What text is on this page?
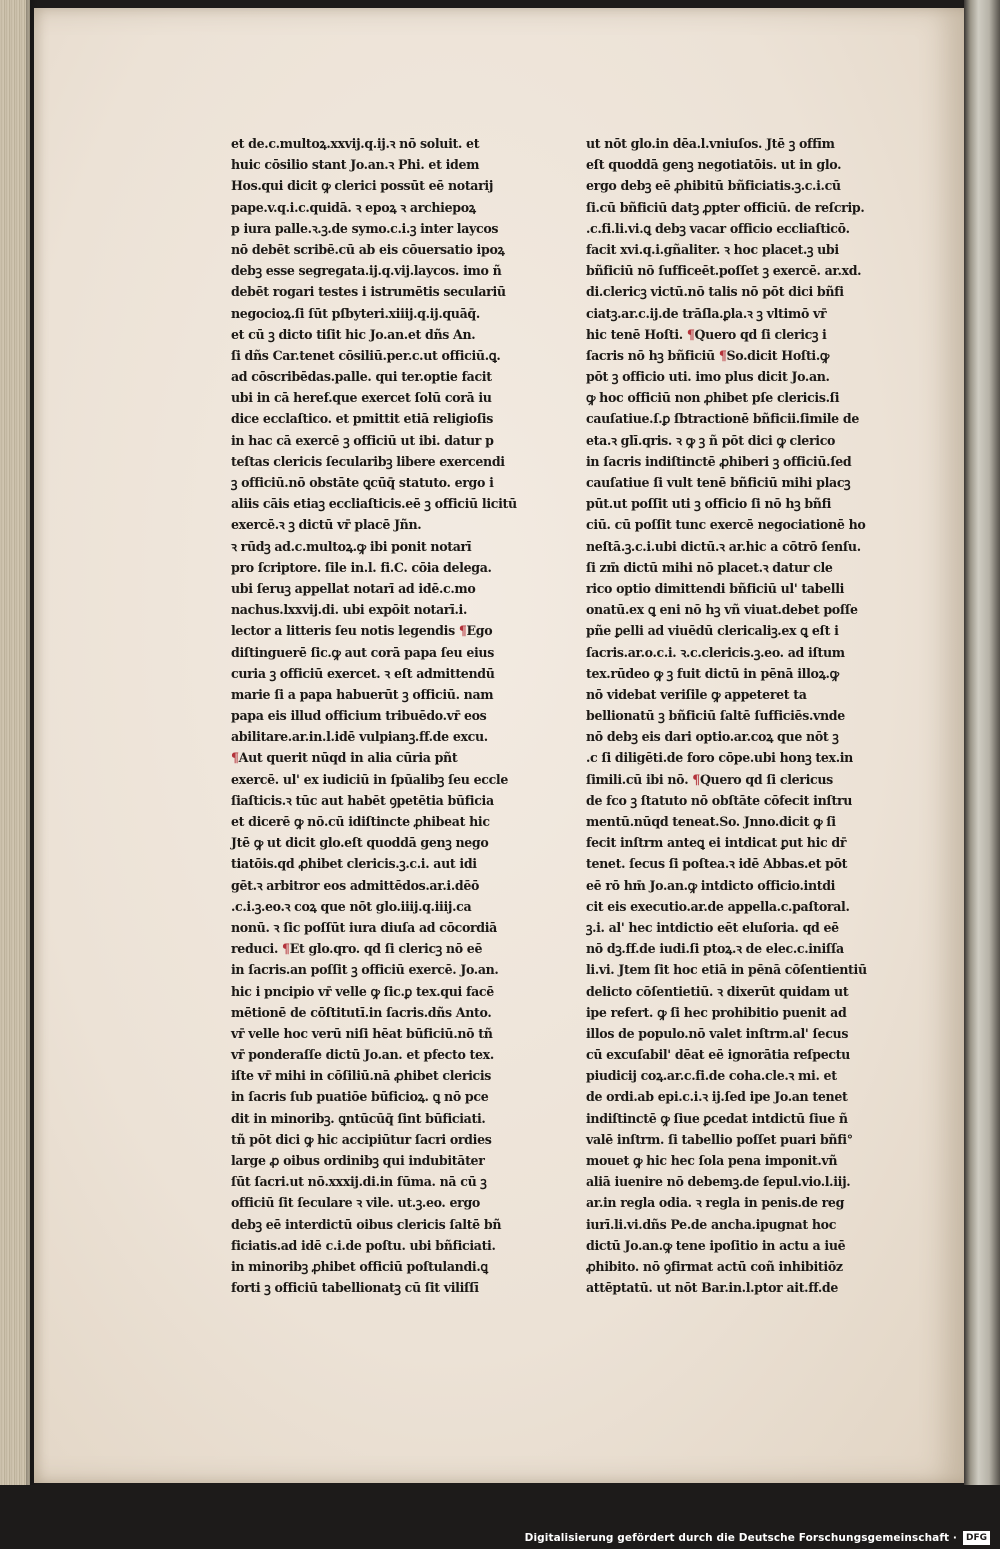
et de.c.multoꝝ.xxvij.q.ij.ꝛ nō soluit. et
huic cōsilio stant Jo.an.ꝛ Phi. et idem
Hos.qui dicit ꝙ clerici possūt eē notarij
pape.v.q.i.c.quidā. ꝛ epoꝝ ꝛ archiepoꝝ
p iura palle.ꝛ.ꝫ.de symo.c.i.ꝫ inter laycos
nō debēt scribē.cū ab eis cōuersatio ipoꝝ
debꝫ esse segregata.ij.q.vij.laycos. imo ñ
debēt rogari testes i istrumētis seculariū
negocioꝝ.ſi ſūt pſbyteri.xiiij.q.ij.quāq̄.
et cū ꝫ dicto tiſit hic Jo.an.et dñs An.
ſi dñs Car.tenet cōsiliū.per.c.ut officiū.ꝗ.
ad cōscribēdas.palle. qui ter.optie facit
ubi in cā heref.que exercet ſolū corā iu
dice ecclaſtico. et pmittit etiā religioſis
in hac cā exercē ꝫ officiū ut ibi. datur p
teſtas clericis ſecularibꝫ libere exercendi
ꝫ officiū.nō obstāte ꝗcūq̄ statuto. ergo i
aliis cāis etiaꝫ eccliaſticis.eē ꝫ officiū licitū
exercē.ꝛ ꝫ dictū vr̄ placē Jñn.
ꝛ rūdꝫ ad.c.multoꝝ.ꝙ ibi ponit notarī
pro ſcriptore. ſile in.l. fi.C. cōia delega.
ubi ſeruꝫ appellat notarī ad idē.c.mo
nachus.lxxvij.di. ubi expōit notarī.i.
lector a litteris ſeu notis legendis ¶Ego
diſtinguerē ſic.ꝙ aut corā papa ſeu eius
curia ꝫ officiū exercet. ꝛ eſt admittendū
marie ſi a papa habuerūt ꝫ officiū. nam
papa eis illud officium tribuēdo.vr̄ eos
abilitare.ar.in.l.idē vulpianꝫ.ff.de excu.
¶Aut querit nūqd in alia cūria pñt
exercē. ul' ex iudiciū in ſpūalibꝫ ſeu eccle
ſiaſticis.ꝛ tūc aut habēt ꝯpetētia būficia
et dicerē ꝙ nō.cū idiſtincte ꝓhibeat hic
Jtē ꝙ ut dicit glo.eſt quoddā genꝫ nego
tiatōis.qd ꝓhibet clericis.ꝫ.c.i. aut idi
gēt.ꝛ arbitror eos admittēdos.ar.i.dēō
.c.i.ꝫ.eo.ꝛ coꝝ que nōt glo.iiij.q.iiij.ca
nonū. ꝛ ſic poſſūt iura diuſa ad cōcordiā
reduci. ¶Et glo.qro. qd ſi clericꝫ nō eē
in ſacris.an poſſit ꝫ officiū exercē. Jo.an.
hic i pncipio vr̄ velle ꝙ ſic.ꝑ tex.qui facē
mētionē de cōſtitutī.in ſacris.dñs Anto.
vr̄ velle hoc verū niſi hēat būficiū.nō tñ
vr̄ ponderaſſe dictū Jo.an. et pfecto tex.
iſte vr̄ mihi in cōſiliū.nā ꝓhibet clericis
in ſacris ſub puatiōe būficioꝝ. ꝗ nō pce
dit in minoribꝫ. ꝗntūcūq̄ ſint būficiati.
tñ pōt dici ꝙ hic accipiūtur ſacri ordies
large ꝓ oibus ordinibꝫ qui indubitāter
ſūt ſacri.ut nō.xxxij.di.in ſūma. nā cū ꝫ
officiū ſit ſeculare ꝛ vile. ut.ꝫ.eo. ergo
debꝫ eē interdictū oibus clericis ſaltē bñ
ficiatis.ad idē c.i.de poſtu. ubi bñficiati.
in minoribꝫ ꝓhibet officiū poſtulandi.ꝗ
forti ꝫ officiū tabellionatꝫ cū ſit viliſſī
ut nōt glo.in dēa.l.vniuſos. Jtē ꝫ offīm
eſt quoddā genꝫ negotiatōis. ut in glo.
ergo debꝫ eē ꝓhibitū bñficiatis.ꝫ.c.i.cū
ſi.cū bñficiū datꝫ ꝓpter officiū. de reſcrip.
.c.fi.li.vi.ꝗ debꝫ vacar officio eccliaſticō.
facit xvi.q.i.gñaliter. ꝛ hoc placet.ꝫ ubi
bñficiū nō ſufficeēt.poſſet ꝫ exercē. ar.xd.
di.clericꝫ victū.nō talis nō pōt dici bñfi
ciatꝫ.ar.c.ij.de trāſla.ꝑla.ꝛ ꝫ vltimō vr̄
hic tenē Hoſti. ¶Quero qd ſi clericꝫ i
ſacris nō hꝫ bñficiū ¶So.dicit Hoſti.ꝙ
pōt ꝫ officio uti. imo plus dicit Jo.an.
ꝙ hoc officiū non ꝓhibet pſe clericis.ſi
cauſatiue.ſ.ꝑ ſbtractionē bñficii.ſimile de
eta.ꝛ glī.qris. ꝛ ꝙ ꝫ ñ pōt dici ꝙ clerico
in ſacris indiſtinctē ꝓhiberi ꝫ officiū.ſed
cauſatiue ſi vult tenē bñficiū mihi placꝫ
pūt.ut poſſit uti ꝫ officio ſi nō hꝫ bñfi
ciū. cū poſſit tunc exercē negociationē ho
neſtā.ꝫ.c.i.ubi dictū.ꝛ ar.hic a cōtrō ſenſu.
ſi zm̄ dictū mihi nō placet.ꝛ datur cle
rico optio dimittendi bñficiū ul' tabelli
onatū.ex ꝗ eni nō hꝫ vñ viuat.debet poſſe
pñe ꝑelli ad viuēdū clericaliꝫ.ex ꝗ eſt i
ſacris.ar.o.c.i. ꝛ.c.clericis.ꝫ.eo. ad iſtum
tex.rūdeo ꝙ ꝫ fuit dictū in pēnā illoꝝ.ꝙ
nō videbat veriſile ꝙ appeteret ta
bellionatū ꝫ bñficiū ſaltē ſufficiēs.vnde
nō debꝫ eis dari optio.ar.coꝝ que nōt ꝫ
.c ſi diligēti.de foro cōpe.ubi honꝫ tex.in
ſimili.cū ibi nō. ¶Quero qd ſi clericus
de fco ꝫ ſtatuto nō obſtāte cōfecit inſtru
mentū.nūqd teneat.So. Jnno.dicit ꝙ ſi
fecit inſtrm anteꝗ ei intdicat ꝑut hic dr̄
tenet. ſecus ſi poſtea.ꝛ idē Abbas.et pōt
eē rō hm̄ Jo.an.ꝙ intdicto officio.intdi
cit eis executio.ar.de appella.c.paſtoral.
ꝫ.i. al' hec intdictio eēt eluſoria. qd eē
nō dꝫ.ff.de iudi.ſi ptoꝝ.ꝛ de elec.c.iniſſa
li.vi. Jtem ſit hoc etiā in pēnā cōſentientiū
delicto cōſentietiū. ꝛ dixerūt quidam ut
ipe refert. ꝙ ſi hec prohibitio puenit ad
illos de populo.nō valet inſtrm.al' ſecus
cū excuſabil' dēat eē ignorātia reſpectu
piudicij coꝝ.ar.c.fi.de coha.cle.ꝛ mi. et
de ordi.ab epi.c.i.ꝛ ij.ſed ipe Jo.an tenet
indiſtinctē ꝙ ſiue ꝑcedat intdictū ſiue ñ
valē inſtrm. ſi tabellio poſſet puari bñfi°
mouet ꝙ hic hec ſola pena imponit.vñ
aliā iuenire nō debemꝫ.de ſepul.vio.l.iij.
ar.in regla odia. ꝛ regla in penis.de reg
iurī.li.vi.dñs Pe.de ancha.ipugnat hoc
dictū Jo.an.ꝙ tene ipoſitio in actu a iuē
ꝓhibito. nō ꝯfirmat actū coñ inhibitiōz
attēptatū. ut nōt Bar.in.l.ptor ait.ff.de
Digitalisierung gefördert durch die Deutsche Forschungsgemeinschaft ·	DFG
